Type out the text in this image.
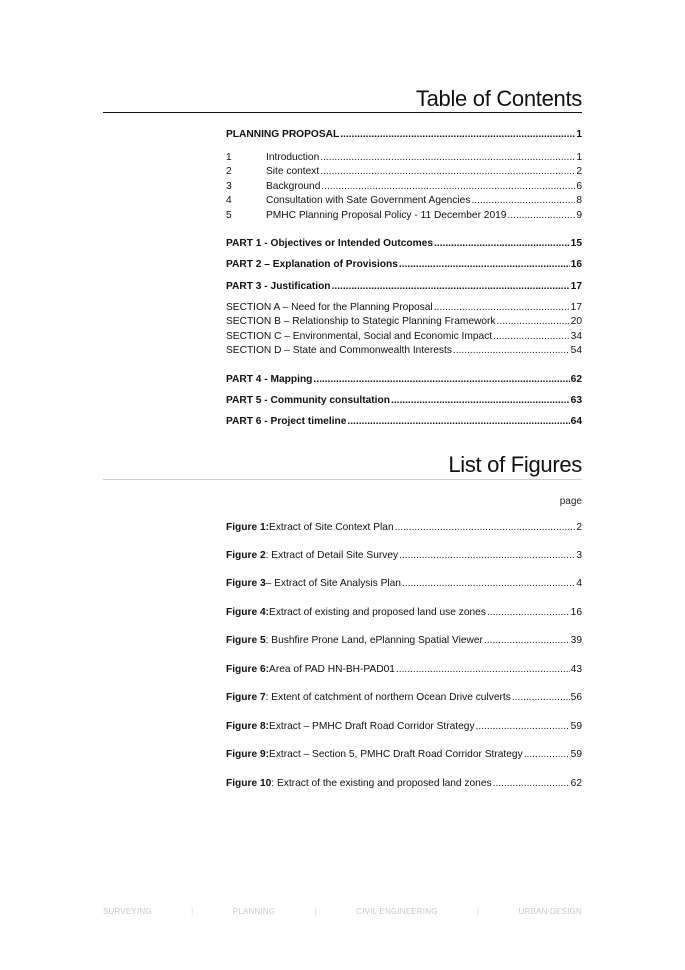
Table of Contents
PLANNING PROPOSAL .....	1
1	Introduction .....	1
2	Site context .....	2
3	Background .....	6
4	Consultation with Sate Government Agencies .....	8
5	PMHC Planning Proposal Policy - 11 December 2019 .....	9
PART 1 - Objectives or Intended Outcomes .....	15
PART 2 – Explanation of Provisions .....	16
PART 3 - Justification .....	17
SECTION A – Need for the Planning Proposal .....	17
SECTION B – Relationship to Stategic Planning Framework .....	20
SECTION C – Environmental, Social and Economic Impact .....	34
SECTION D – State and Commonwealth Interests .....	54
PART 4 - Mapping .....	62
PART 5 - Community consultation .....	63
PART 6 - Project timeline .....	64
List of Figures
page
Figure 1: Extract of Site Context Plan .....	2
Figure 2 : Extract of Detail Site Survey .....	3
Figure 3 – Extract of Site Analysis Plan .....	4
Figure 4: Extract of existing and proposed land use zones .....	16
Figure 5 : Bushfire Prone Land, ePlanning Spatial Viewer .....	39
Figure 6: Area of PAD HN-BH-PAD01 .....	43
Figure 7 : Extent of catchment of northern Ocean Drive culverts .....	56
Figure 8: Extract – PMHC Draft Road Corridor Strategy .....	59
Figure 9: Extract – Section 5, PMHC Draft Road Corridor Strategy .....	59
Figure 10 : Extract of the existing and proposed land zones .....	62
SURVEYING	|	PLANNING	|	CIVIL ENGINEERING	|	URBAN DESIGN
